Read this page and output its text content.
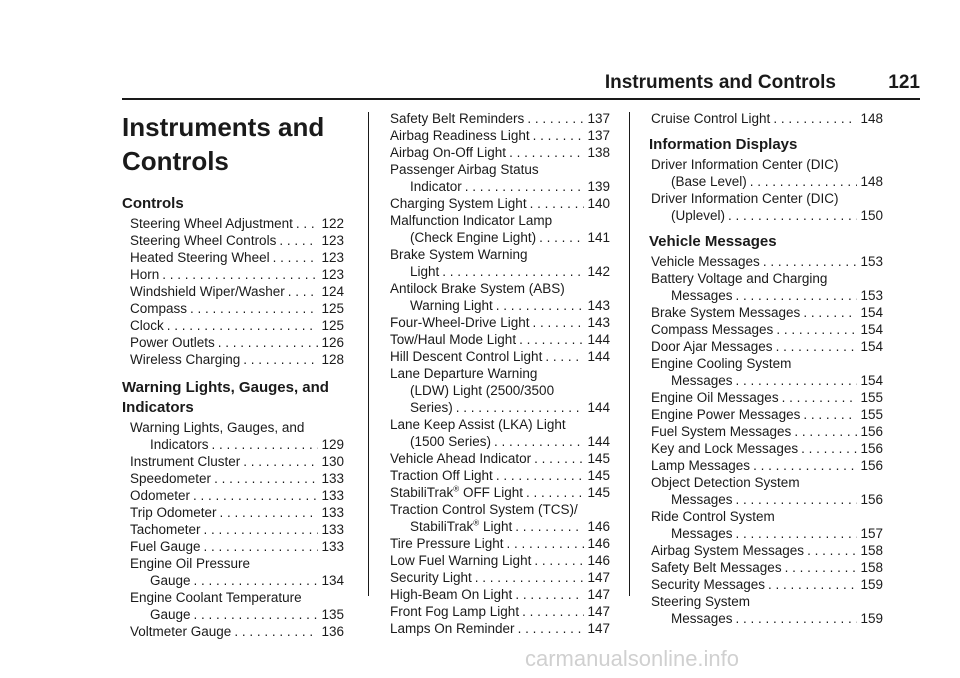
Instruments and Controls	121
Instruments and
Controls
Controls
Steering Wheel Adjustment . . . 122
Steering Wheel Controls . . .	123
Heated Steering Wheel . . .	123
Horn . . .	123
Windshield Wiper/Washer . . .	124
Compass . . .	125
Clock . . .	125
Power Outlets . . .	126
Wireless Charging . . .	128
Warning Lights, Gauges, and
Indicators
Warning Lights, Gauges, and
Indicators . . .	129
Instrument Cluster . . .	130
Speedometer . . .	133
Odometer . . .	133
Trip Odometer . . .	133
Tachometer . . .	133
Fuel Gauge . . .	133
Engine Oil Pressure
Gauge . . .	134
Engine Coolant Temperature
Gauge . . .	135
Voltmeter Gauge . . .	136
Safety Belt Reminders . . .	137
Airbag Readiness Light . . .	137
Airbag On-Off Light . . .	138
Passenger Airbag Status
Indicator . . .	139
Charging System Light . . .	140
Malfunction Indicator Lamp
(Check Engine Light) . . .	141
Brake System Warning
Light . . .	142
Antilock Brake System (ABS)
Warning Light . . .	143
Four-Wheel-Drive Light . . .	143
Tow/Haul Mode Light . . .	144
Hill Descent Control Light . . .	144
Lane Departure Warning
(LDW) Light (2500/3500
Series) . . .	144
Lane Keep Assist (LKA) Light
(1500 Series) . . .	144
Vehicle Ahead Indicator . . .	145
Traction Off Light . . .	145
StabiliTrak® OFF Light . . .	145
Traction Control System (TCS)/
StabiliTrak® Light . . .	146
Tire Pressure Light . . .	146
Low Fuel Warning Light . . .	146
Security Light . . .	147
High-Beam On Light . . .	147
Front Fog Lamp Light . . .	147
Lamps On Reminder . . .	147
Cruise Control Light . . .	148
Information Displays
Driver Information Center (DIC)
(Base Level) . . .	148
Driver Information Center (DIC)
(Uplevel) . . .	150
Vehicle Messages
Vehicle Messages . . .	153
Battery Voltage and Charging
Messages . . .	153
Brake System Messages . . .	154
Compass Messages . . .	154
Door Ajar Messages . . .	154
Engine Cooling System
Messages . . .	154
Engine Oil Messages . . .	155
Engine Power Messages . . .	155
Fuel System Messages . . .	156
Key and Lock Messages . . .	156
Lamp Messages . . .	156
Object Detection System
Messages . . .	156
Ride Control System
Messages . . .	157
Airbag System Messages . . .	158
Safety Belt Messages . . .	158
Security Messages . . .	159
Steering System
Messages . . .	159
carmanualsonline.info
